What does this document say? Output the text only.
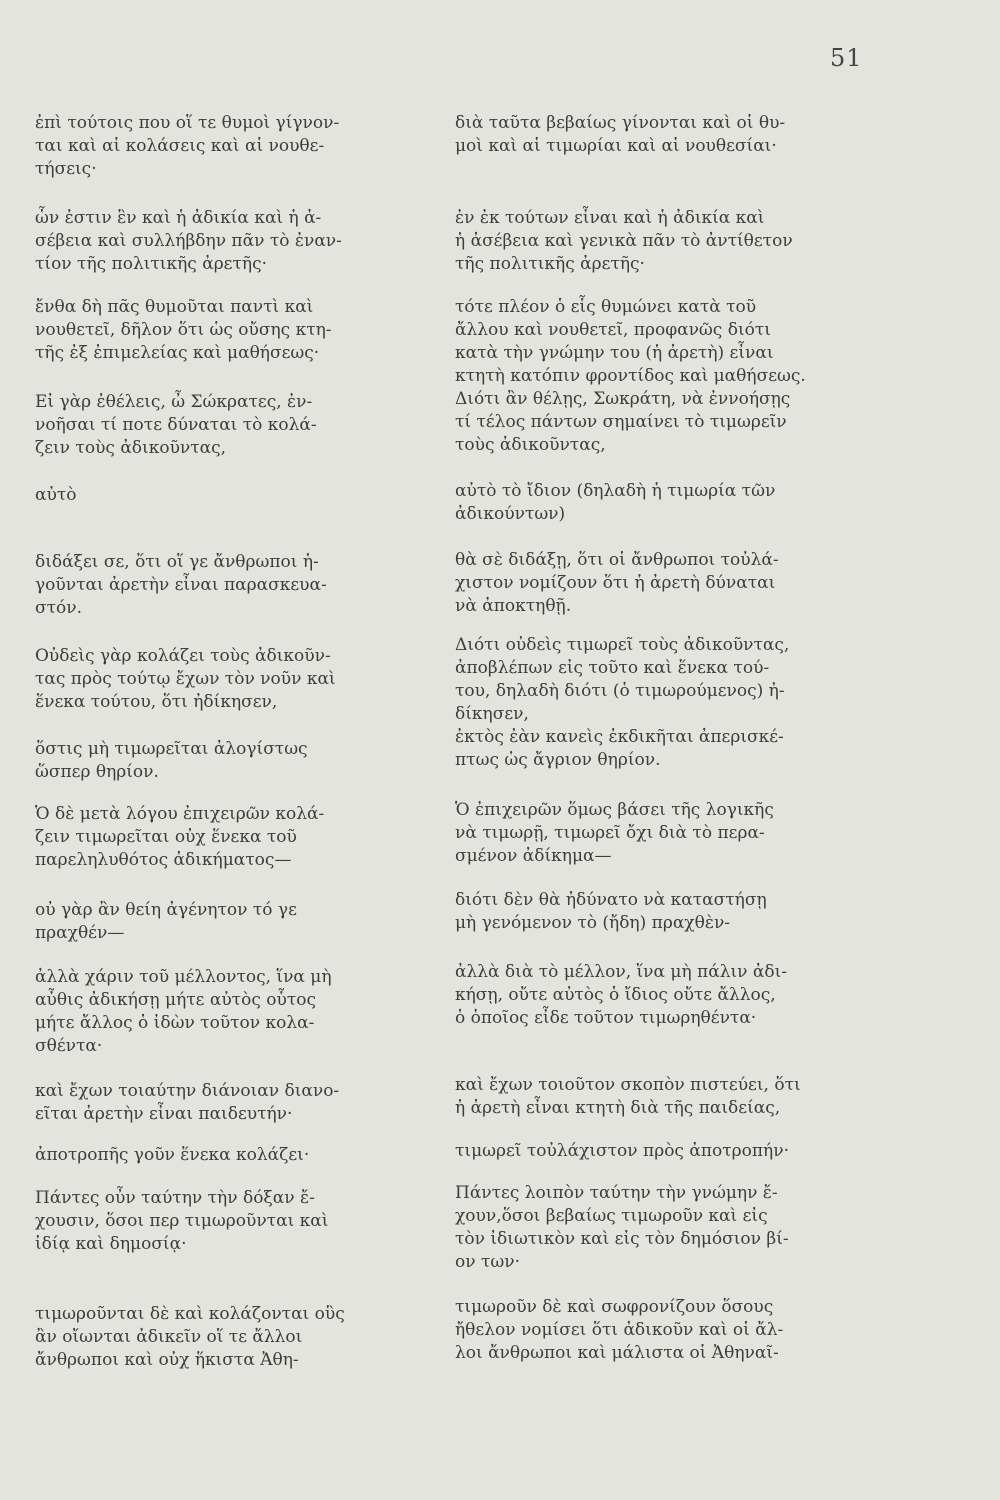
51

ἐπὶ τούτοις που οἵ τε θυμοὶ γίγνον-
ται καὶ αἱ κολάσεις καὶ αἱ νουθε-
τήσεις·

ὧν ἐστιν ἓν καὶ ἡ ἀδικία καὶ ἡ ἀ-
σέβεια καὶ συλλήβδην πᾶν τὸ ἐναν-
τίον τῆς πολιτικῆς ἀρετῆς·

ἔνθα δὴ πᾶς θυμοῦται παντὶ καὶ
νουθετεῖ, δῆλον ὅτι ὡς οὔσης κτη-
τῆς ἐξ ἐπιμελείας καὶ μαθήσεως·

Εἰ γὰρ ἐθέλεις, ὦ Σώκρατες, ἐν-
νοῆσαι τί ποτε δύναται τὸ κολά-
ζειν τοὺς ἀδικοῦντας,

αὐτὸ

διδάξει σε, ὅτι οἵ γε ἄνθρωποι ἡ-
γοῦνται ἀρετὴν εἶναι παρασκευα-
στόν.

Οὐδεὶς γὰρ κολάζει τοὺς ἀδικοῦν-
τας πρὸς τούτῳ ἔχων τὸν νοῦν καὶ
ἕνεκα τούτου, ὅτι ἠδίκησεν,

ὅστις μὴ τιμωρεῖται ἀλογίστως
ὥσπερ θηρίον.

Ὁ δὲ μετὰ λόγου ἐπιχειρῶν κολά-
ζειν τιμωρεῖται οὐχ ἕνεκα τοῦ
παρεληλυθότος ἀδικήματος—

οὐ γὰρ ἂν θείη ἀγένητον τό γε
πραχθέν—

ἀλλὰ χάριν τοῦ μέλλοντος, ἵνα μὴ
αὖθις ἀδικήσῃ μήτε αὐτὸς οὗτος
μήτε ἄλλος ὁ ἰδὼν τοῦτον κολα-
σθέντα·

καὶ ἔχων τοιαύτην διάνοιαν διανο-
εῖται ἀρετὴν εἶναι παιδευτήν·

ἀποτροπῆς γοῦν ἕνεκα κολάζει·

Πάντες οὖν ταύτην τὴν δόξαν ἔ-
χουσιν, ὅσοι περ τιμωροῦνται καὶ
ἰδίᾳ καὶ δημοσίᾳ·

τιμωροῦνται δὲ καὶ κολάζονται οὓς
ἂν οἴωνται ἀδικεῖν οἵ τε ἄλλοι
ἄνθρωποι καὶ οὐχ ἥκιστα Ἀθη-

διὰ ταῦτα βεβαίως γίνονται καὶ οἱ θυ-
μοὶ καὶ αἱ τιμωρίαι καὶ αἱ νουθεσίαι·

ἐν ἐκ τούτων εἶναι καὶ ἡ ἀδικία καὶ
ἡ ἀσέβεια καὶ γενικὰ πᾶν τὸ ἀντίθετον
τῆς πολιτικῆς ἀρετῆς·

τότε πλέον ὁ εἷς θυμώνει κατὰ τοῦ
ἄλλου καὶ νουθετεῖ, προφανῶς διότι
κατὰ τὴν γνώμην του (ἡ ἀρετὴ) εἶναι
κτητὴ κατόπιν φροντίδος καὶ μαθήσεως.
Διότι ἂν θέλῃς, Σωκράτη, νὰ ἐννοήσῃς
τί τέλος πάντων σημαίνει τὸ τιμωρεῖν
τοὺς ἀδικοῦντας,

αὐτὸ τὸ ἴδιον (δηλαδὴ ἡ τιμωρία τῶν
ἀδικούντων)

θὰ σὲ διδάξῃ, ὅτι οἱ ἄνθρωποι τοὐλά-
χιστον νομίζουν ὅτι ἡ ἀρετὴ δύναται
νὰ ἀποκτηθῇ.

Διότι οὐδεὶς τιμωρεῖ τοὺς ἀδικοῦντας,
ἀποβλέπων εἰς τοῦτο καὶ ἕνεκα τού-
του, δηλαδὴ διότι (ὁ τιμωρούμενος) ἠ-
δίκησεν,
ἐκτὸς ἐὰν κανεὶς ἐκδικῆται ἀπερισκέ-
πτως ὡς ἄγριον θηρίον.

Ὁ ἐπιχειρῶν ὅμως βάσει τῆς λογικῆς
νὰ τιμωρῇ, τιμωρεῖ ὄχι διὰ τὸ περα-
σμένον ἀδίκημα—

διότι δὲν θὰ ἠδύνατο νὰ καταστήσῃ
μὴ γενόμενον τὸ (ἤδη) πραχθὲν-

ἀλλὰ διὰ τὸ μέλλον, ἵνα μὴ πάλιν ἀδι-
κήσῃ, οὔτε αὐτὸς ὁ ἴδιος οὔτε ἄλλος,
ὁ ὁποῖος εἶδε τοῦτον τιμωρηθέντα·

καὶ ἔχων τοιοῦτον σκοπὸν πιστεύει, ὅτι
ἡ ἀρετὴ εἶναι κτητὴ διὰ τῆς παιδείας,

τιμωρεῖ τοὐλάχιστον πρὸς ἀποτροπήν·

Πάντες λοιπὸν ταύτην τὴν γνώμην ἔ-
χουν,ὅσοι βεβαίως τιμωροῦν καὶ εἰς
τὸν ἰδιωτικὸν καὶ εἰς τὸν δημόσιον βί-
ον των·

τιμωροῦν δὲ καὶ σωφρονίζουν ὅσους
ἤθελον νομίσει ὅτι ἀδικοῦν καὶ οἱ ἄλ-
λοι ἄνθρωποι καὶ μάλιστα οἱ Ἀθηναῖ-
